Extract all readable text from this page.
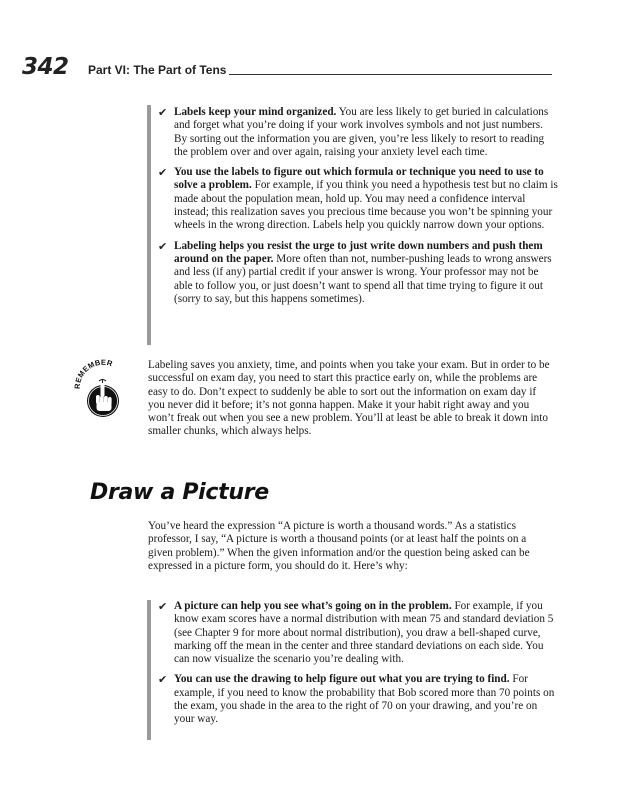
342 Part VI: The Part of Tens
✔ Labels keep your mind organized. You are less likely to get buried in calculations and forget what you’re doing if your work involves symbols and not just numbers. By sorting out the information you are given, you’re less likely to resort to reading the problem over and over again, raising your anxiety level each time.
✔ You use the labels to figure out which formula or technique you need to use to solve a problem. For example, if you think you need a hypothesis test but no claim is made about the population mean, hold up. You may need a confidence interval instead; this realization saves you precious time because you won’t be spinning your wheels in the wrong direction. Labels help you quickly narrow down your options.
✔ Labeling helps you resist the urge to just write down numbers and push them around on the paper. More often than not, number-pushing leads to wrong answers and less (if any) partial credit if your answer is wrong. Your professor may not be able to follow you, or just doesn’t want to spend all that time trying to figure it out (sorry to say, but this happens sometimes).
REMEMBER	Labeling saves you anxiety, time, and points when you take your exam. But in order to be successful on exam day, you need to start this practice early on, while the problems are easy to do. Don’t expect to suddenly be able to sort out the information on exam day if you never did it before; it’s not gonna happen. Make it your habit right away and you won’t freak out when you see a new problem. You’ll at least be able to break it down into smaller chunks, which always helps.

Draw a Picture

You’ve heard the expression “A picture is worth a thousand words.” As a statistics professor, I say, “A picture is worth a thousand points (or at least half the points on a given problem).” When the given information and/or the question being asked can be expressed in a picture form, you should do it. Here’s why:

✔ A picture can help you see what’s going on in the problem. For example, if you know exam scores have a normal distribution with mean 75 and standard deviation 5 (see Chapter 9 for more about normal distribution), you draw a bell-shaped curve, marking off the mean in the center and three standard deviations on each side. You can now visualize the scenario you’re dealing with.
✔ You can use the drawing to help figure out what you are trying to find. For example, if you need to know the probability that Bob scored more than 70 points on the exam, you shade in the area to the right of 70 on your drawing, and you’re on your way.
